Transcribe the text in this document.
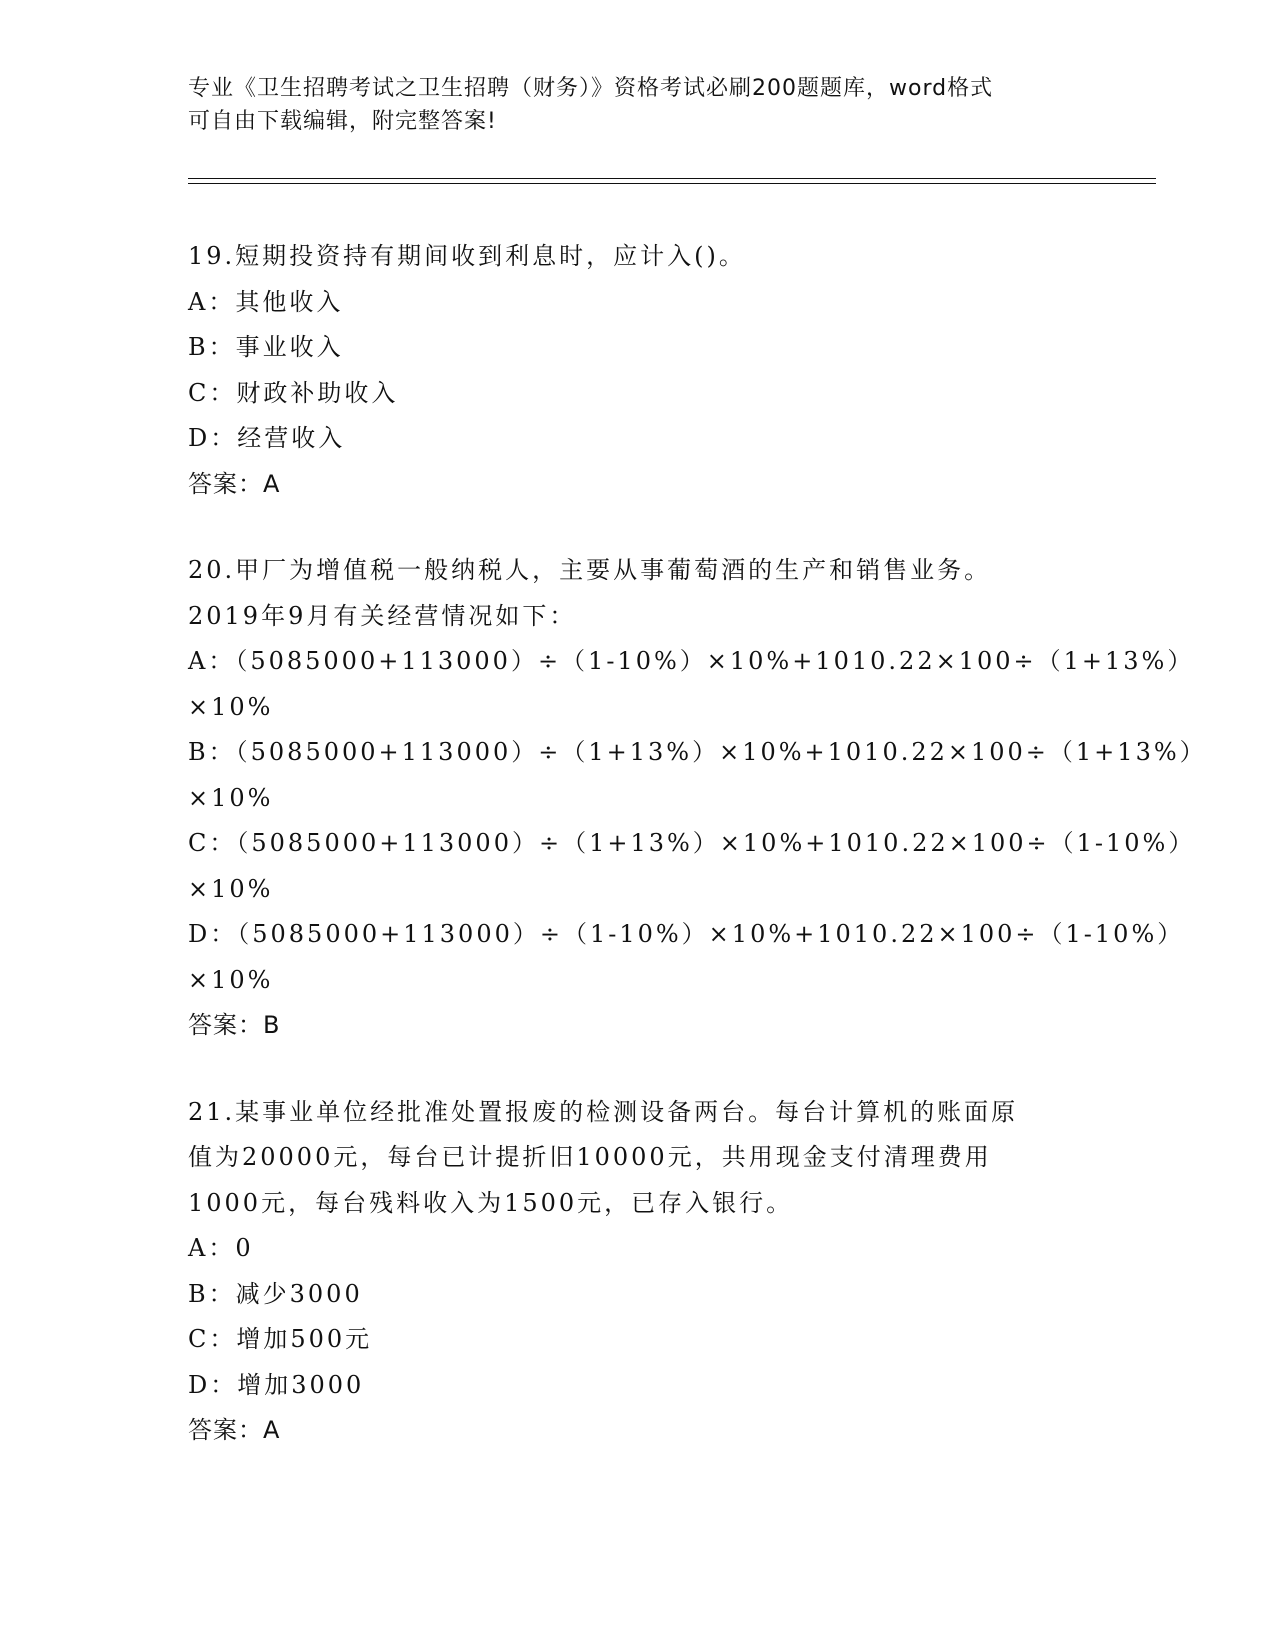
专业《卫生招聘考试之卫生招聘（财务）》资格考试必刷200题题库，word格式
可自由下载编辑，附完整答案!
19.短期投资持有期间收到利息时，应计入()。
A：其他收入
B：事业收入
C：财政补助收入
D：经营收入
答案：A
20.甲厂为增值税一般纳税人，主要从事葡萄酒的生产和销售业务。
2019年9月有关经营情况如下：
A：（5085000+113000）÷（1-10%）×10%+1010.22×100÷（1+13%）
×10%
B：（5085000+113000）÷（1+13%）×10%+1010.22×100÷（1+13%）
×10%
C：（5085000+113000）÷（1+13%）×10%+1010.22×100÷（1-10%）
×10%
D：（5085000+113000）÷（1-10%）×10%+1010.22×100÷（1-10%）
×10%
答案：B
21.某事业单位经批准处置报废的检测设备两台。每台计算机的账面原
值为20000元，每台已计提折旧10000元，共用现金支付清理费用
1000元，每台残料收入为1500元，已存入银行。
A：0
B：减少3000
C：增加500元
D：增加3000
答案：A
